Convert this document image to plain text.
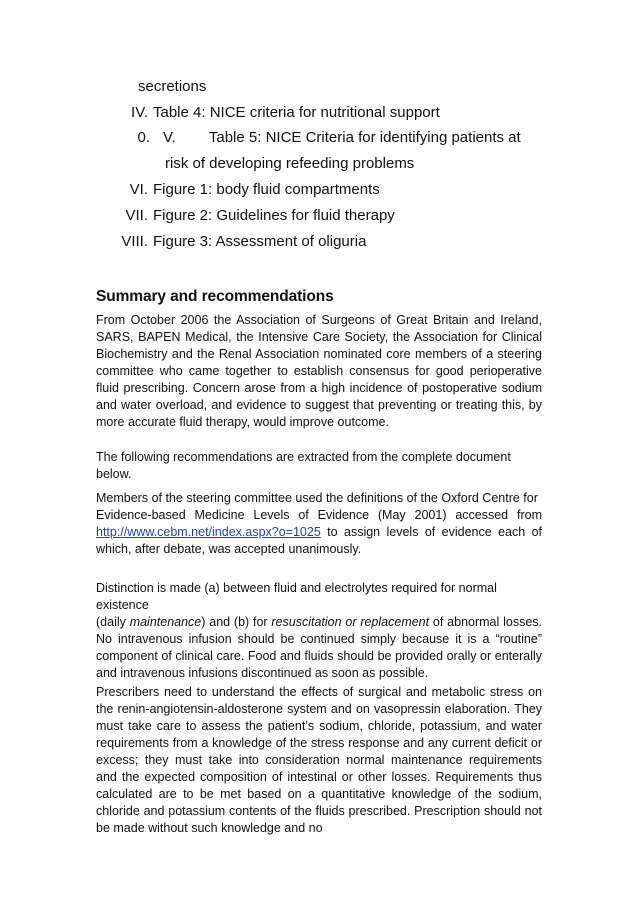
secretions
IV. Table 4: NICE criteria for nutritional support
0. V.        Table 5: NICE Criteria for identifying patients at
risk of developing refeeding problems
VI. Figure 1: body fluid compartments
VII. Figure 2: Guidelines for fluid therapy
VIII. Figure 3: Assessment of oliguria
Summary and recommendations

From October 2006 the Association of Surgeons of Great Britain and Ireland, SARS, BAPEN Medical, the Intensive Care Society, the Association for Clinical Biochemistry and the Renal Association nominated core members of a steering committee who came together to establish consensus for good perioperative fluid prescribing. Concern arose from a high incidence of postoperative sodium and water overload, and evidence to suggest that preventing or treating this, by more accurate fluid therapy, would improve outcome.

The following recommendations are extracted from the complete document below.

Members of the steering committee used the definitions of the Oxford Centre for
Evidence-based Medicine Levels of Evidence (May 2001) accessed from http://www.cebm.net/index.aspx?o=1025 to assign levels of evidence each of which, after debate, was accepted unanimously.

Distinction is made (a) between fluid and electrolytes required for normal existence
(daily maintenance) and (b) for resuscitation or replacement of abnormal losses. No intravenous infusion should be continued simply because it is a “routine” component of clinical care. Food and fluids should be provided orally or enterally and intravenous infusions discontinued as soon as possible.

Prescribers need to understand the effects of surgical and metabolic stress on the renin-angiotensin-aldosterone system and on vasopressin elaboration. They must take care to assess the patient’s sodium, chloride, potassium, and water requirements from a knowledge of the stress response and any current deficit or excess; they must take into consideration normal maintenance requirements and the expected composition of intestinal or other losses. Requirements thus calculated are to be met based on a quantitative knowledge of the sodium, chloride and potassium contents of the fluids prescribed. Prescription should not be made without such knowledge and no
